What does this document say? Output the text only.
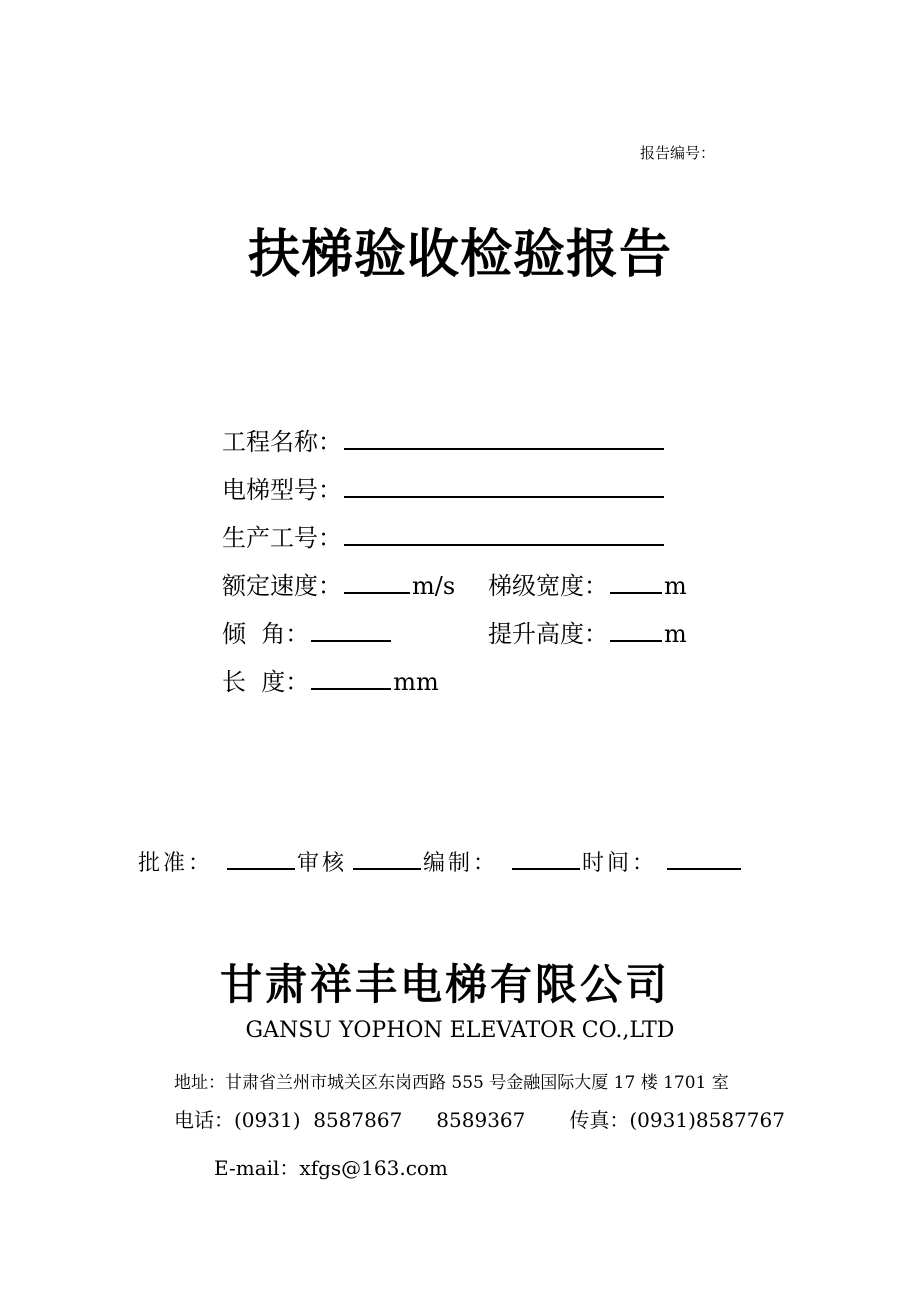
报告编号：
扶梯验收检验报告
工程名称：
电梯型号：
生产工号：
额定速度：	m/s 梯级宽度： m
倾  角：	提升高度： m
长  度：	mm
批准：	审核	编制：	时间：
甘肃祥丰电梯有限公司
GANSU YOPHON ELEVATOR CO.,LTD
地址：甘肃省兰州市城关区东岗西路 555 号金融国际大厦 17 楼 1701 室
电话：(0931)  8587867 8589367 传真：(0931)8587767
E-mail：xfgs@163.com
